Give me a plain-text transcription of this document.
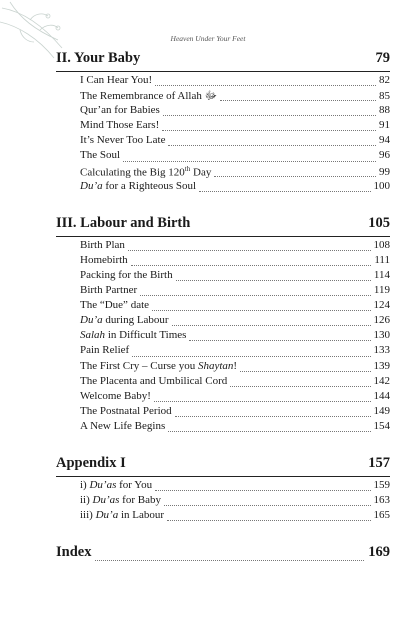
Heaven Under Your Feet
II. Your Baby	79
I Can Hear You!	82
The Remembrance of Allah ﷻ	85
Qur’an for Babies	88
Mind Those Ears!	91
It’s Never Too Late	94
The Soul	96
Calculating the Big 120th Day	99
Du’a for a Righteous Soul	100
III. Labour and Birth	105
Birth Plan	108
Homebirth	111
Packing for the Birth	114
Birth Partner	119
The “Due” date	124
Du’a during Labour	126
Salah in Difficult Times	130
Pain Relief	133
The First Cry – Curse you Shaytan!	139
The Placenta and Umbilical Cord	142
Welcome Baby!	144
The Postnatal Period	149
A New Life Begins	154
Appendix I	157
i) Du’as for You	159
ii) Du’as for Baby	163
iii) Du’a in Labour	165
Index	169
